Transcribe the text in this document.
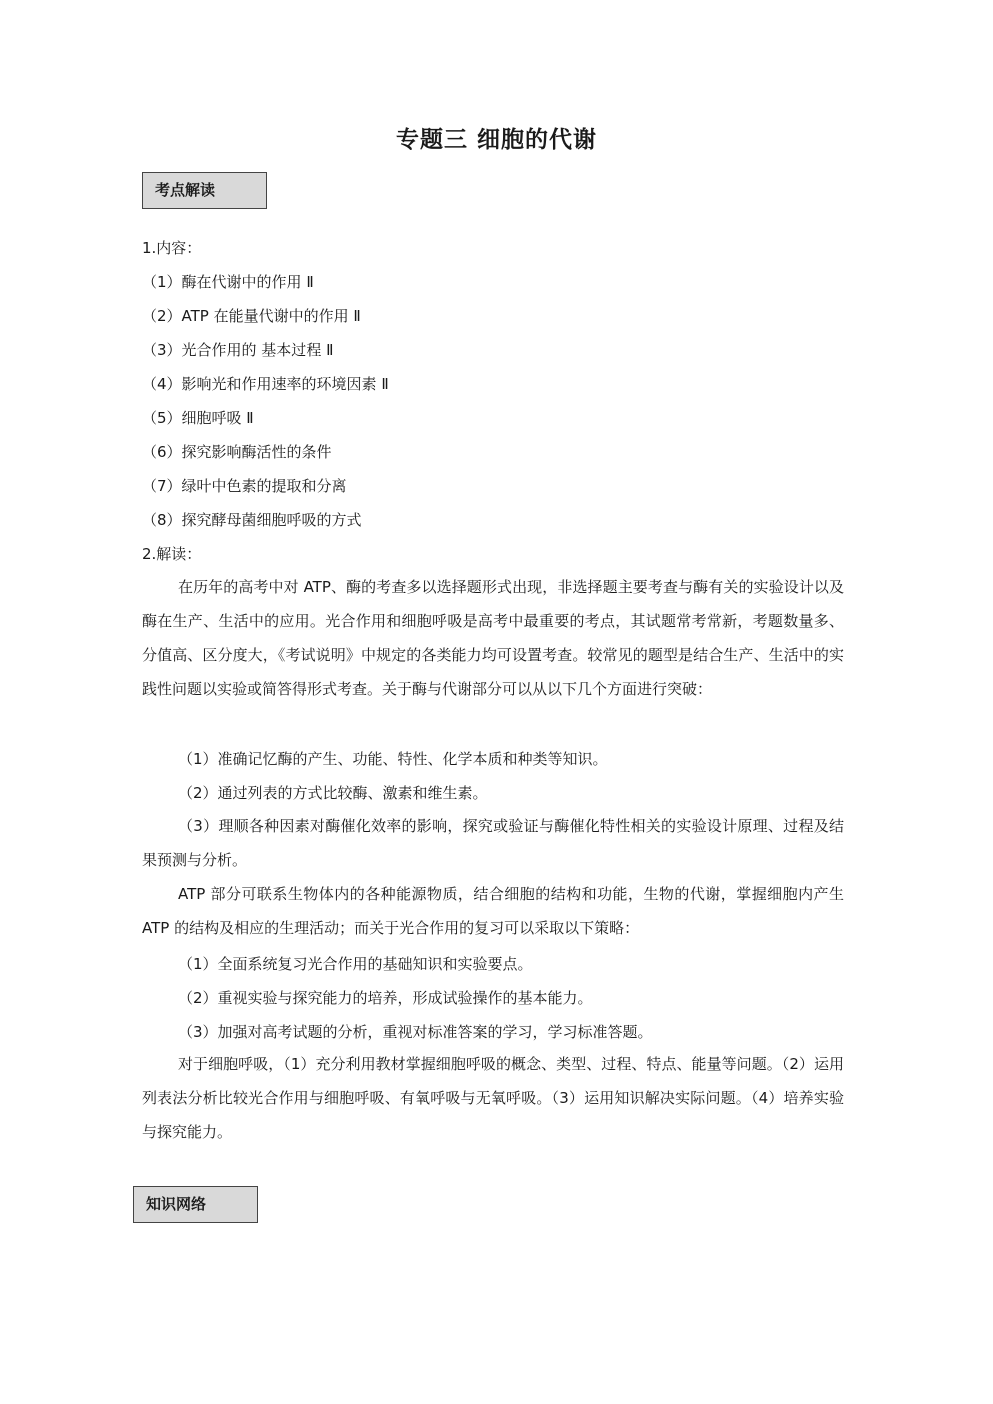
专题三 细胞的代谢
考点解读
1.内容：
（1）酶在代谢中的作用 Ⅱ
（2）ATP 在能量代谢中的作用 Ⅱ
（3）光合作用的 基本过程 Ⅱ
（4）影响光和作用速率的环境因素 Ⅱ
（5）细胞呼吸 Ⅱ
（6）探究影响酶活性的条件
（7）绿叶中色素的提取和分离
（8）探究酵母菌细胞呼吸的方式
2.解读：
在历年的高考中对 ATP、酶的考查多以选择题形式出现，非选择题主要考查与酶有关的实验设计以及酶在生产、生活中的应用。光合作用和细胞呼吸是高考中最重要的考点，其试题常考常新，考题数量多、分值高、区分度大，《考试说明》中规定的各类能力均可设置考查。较常见的题型是结合生产、生活中的实践性问题以实验或简答得形式考查。关于酶与代谢部分可以从以下几个方面进行突破：
（1）准确记忆酶的产生、功能、特性、化学本质和种类等知识。
（2）通过列表的方式比较酶、激素和维生素。
（3）理顺各种因素对酶催化效率的影响，探究或验证与酶催化特性相关的实验设计原理、过程及结果预测与分析。
ATP 部分可联系生物体内的各种能源物质，结合细胞的结构和功能，生物的代谢，掌握细胞内产生 ATP 的结构及相应的生理活动；而关于光合作用的复习可以采取以下策略：
（1）全面系统复习光合作用的基础知识和实验要点。
（2）重视实验与探究能力的培养，形成试验操作的基本能力。
（3）加强对高考试题的分析，重视对标准答案的学习，学习标准答题。
对于细胞呼吸，（1）充分利用教材掌握细胞呼吸的概念、类型、过程、特点、能量等问题。（2）运用列表法分析比较光合作用与细胞呼吸、有氧呼吸与无氧呼吸。（3）运用知识解决实际问题。（4）培养实验与探究能力。
知识网络
